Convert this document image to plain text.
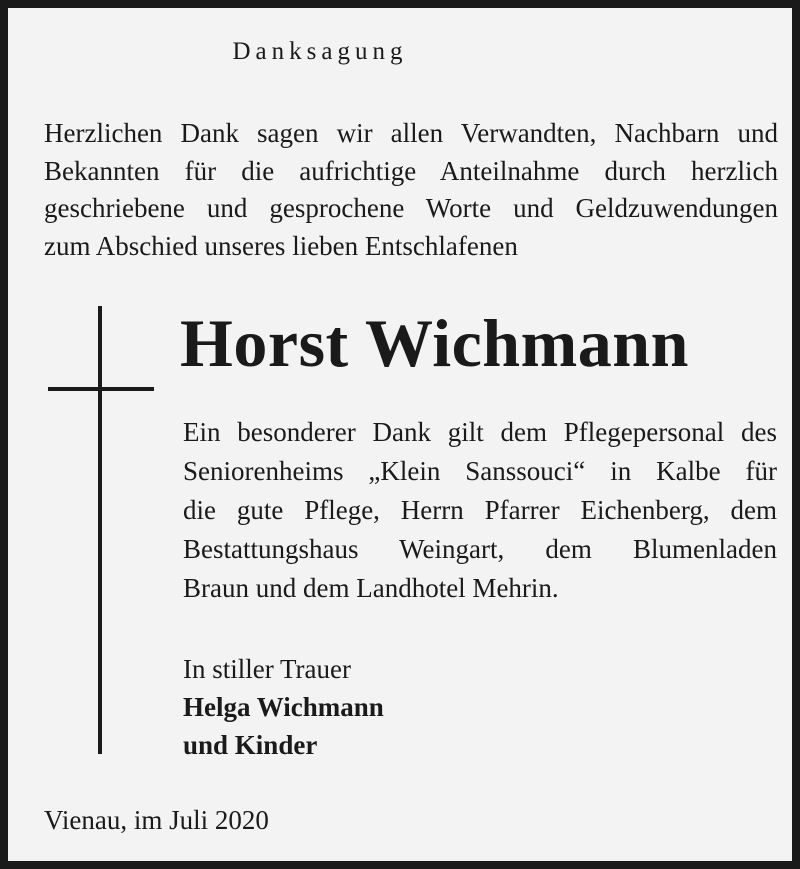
Danksagung
Herzlichen Dank sagen wir allen Verwandten, Nachbarn und
Bekannten für die aufrichtige Anteilnahme durch herzlich
geschriebene und gesprochene Worte und Geldzuwendungen
zum Abschied unseres lieben Entschlafenen
Horst Wichmann
Ein besonderer Dank gilt dem Pflegepersonal des
Seniorenheims „Klein Sanssouci“ in Kalbe für
die gute Pflege, Herrn Pfarrer Eichenberg, dem
Bestattungshaus Weingart, dem Blumenladen
Braun und dem Landhotel Mehrin.
In stiller Trauer
Helga Wichmann
und Kinder
Vienau, im Juli 2020
